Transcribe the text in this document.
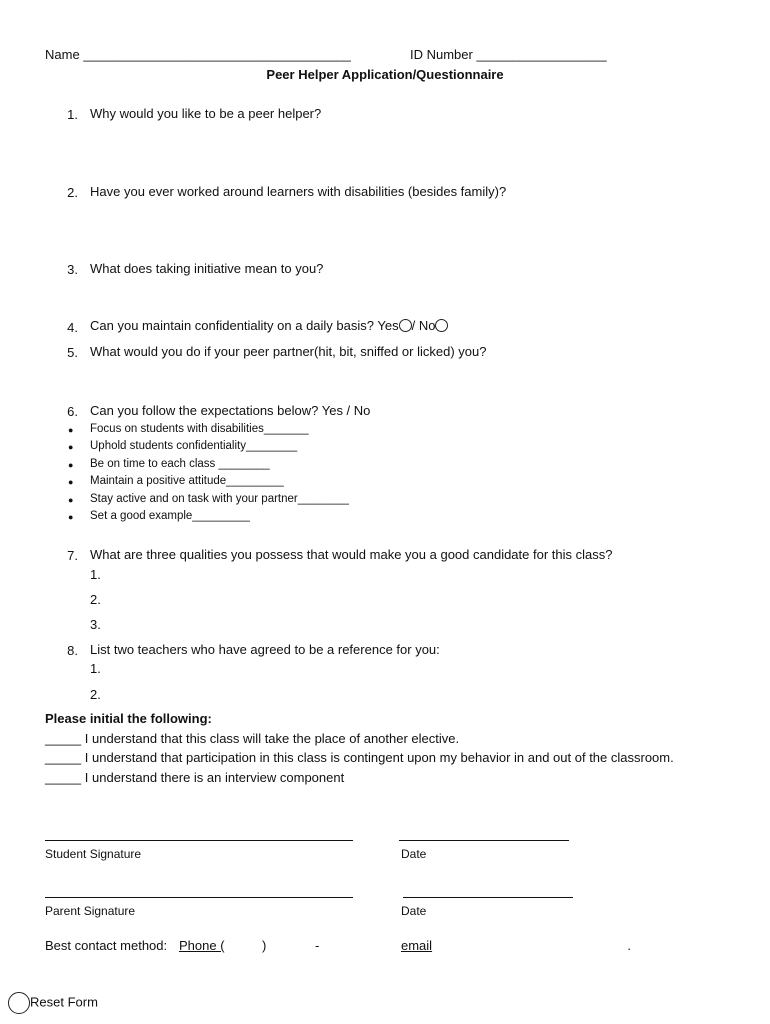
Name _____________________________________	ID Number __________________
Peer Helper Application/Questionnaire
1. Why would you like to be a peer helper?
2. Have you ever worked around learners with disabilities (besides family)?
3. What does taking initiative mean to you?
4. Can you maintain confidentiality on a daily basis? Yes / No
5. What would you do if your peer partner(hit, bit, sniffed or licked) you?
6. Can you follow the expectations below? Yes / No
● Focus on students with disabilities_______
● Uphold students confidentiality________
● Be on time to each class ________
● Maintain a positive attitude_________
● Stay active and on task with your partner________
● Set a good example_________
7. What are three qualities you possess that would make you a good candidate for this class?
1.
2.
3.
8. List two teachers who have agreed to be a reference for you:
1.
2.
Please initial the following:
_____ I understand that this class will take the place of another elective.
_____ I understand that participation in this class is contingent upon my behavior in and out of the classroom.
_____ I understand there is an interview component
Student Signature	Date
Parent Signature	Date
Best contact method: Phone (	)	-	email	.
Reset Form
